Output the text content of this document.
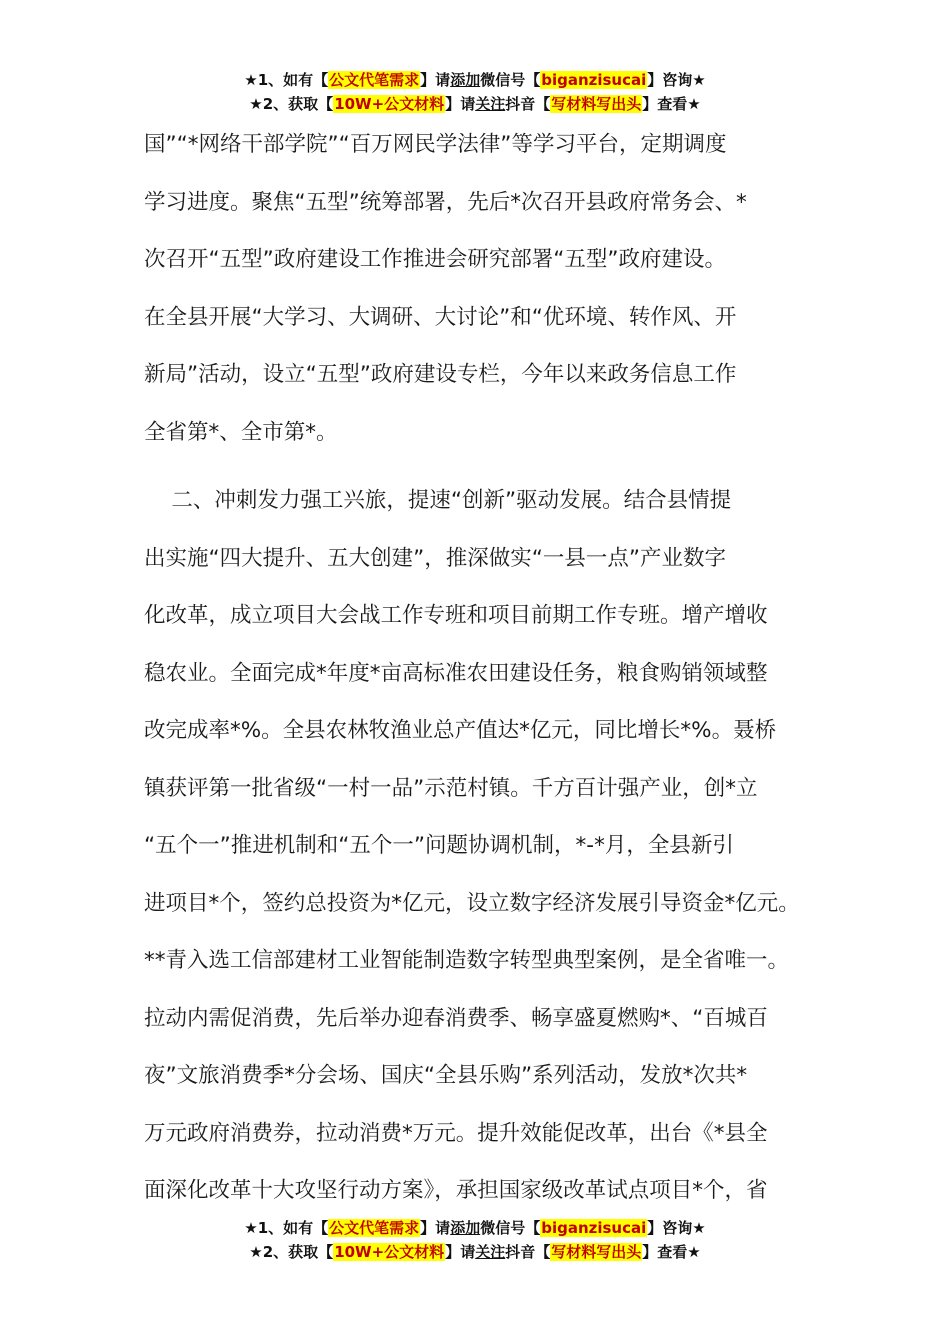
★1、如有【公文代笔需求】请添加微信号【biganzisucai】咨询★
★2、获取【10W+公文材料】请关注抖音【写材料写出头】查看★

国”“*网络干部学院”“百万网民学法律”等学习平台，定期调度

学习进度。聚焦“五型”统筹部署，先后*次召开县政府常务会、*

次召开“五型”政府建设工作推进会研究部署“五型”政府建设。

在全县开展“大学习、大调研、大讨论”和“优环境、转作风、开

新局”活动，设立“五型”政府建设专栏，今年以来政务信息工作

全省第*、全市第*。

二、冲刺发力强工兴旅，提速“创新”驱动发展。结合县情提

出实施“四大提升、五大创建”，推深做实“一县一点”产业数字

化改革，成立项目大会战工作专班和项目前期工作专班。增产增收

稳农业。全面完成*年度*亩高标准农田建设任务，粮食购销领域整

改完成率*%。全县农林牧渔业总产值达*亿元，同比增长*%。聂桥

镇获评第一批省级“一村一品”示范村镇。千方百计强产业，创*立

“五个一”推进机制和“五个一”问题协调机制，*-*月，全县新引

进项目*个，签约总投资为*亿元，设立数字经济发展引导资金*亿元。

**青入选工信部建材工业智能制造数字转型典型案例，是全省唯一。

拉动内需促消费，先后举办迎春消费季、畅享盛夏燃购*、“百城百

夜”文旅消费季*分会场、国庆“全县乐购”系列活动，发放*次共*

万元政府消费券，拉动消费*万元。提升效能促改革，出台《*县全

面深化改革十大攻坚行动方案》，承担国家级改革试点项目*个，省

★1、如有【公文代笔需求】请添加微信号【biganzisucai】咨询★
★2、获取【10W+公文材料】请关注抖音【写材料写出头】查看★
